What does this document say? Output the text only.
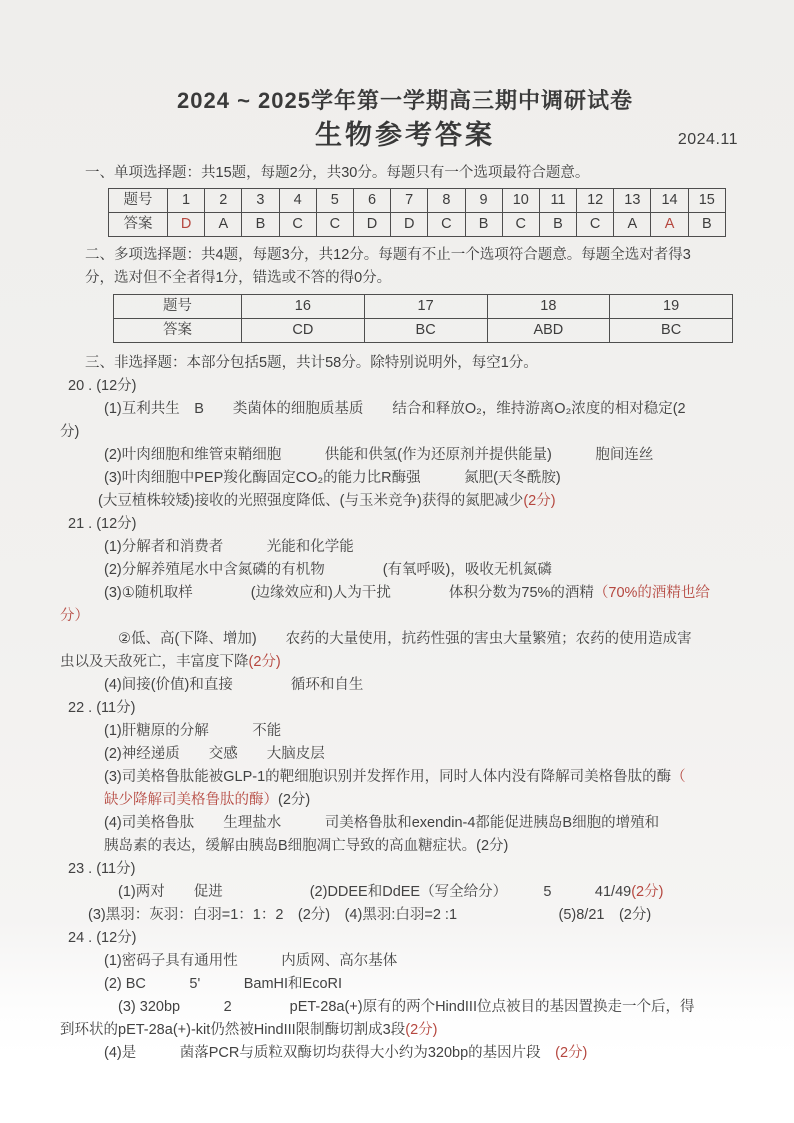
2024 ~ 2025学年第一学期高三期中调研试卷
生物参考答案	2024.11

一、单项选择题：共15题，每题2分，共30分。每题只有一个选项最符合题意。

题号	1	2	3	4	5	6	7	8	9	10	11	12	13	14	15
答案	D	A	B	C	C	D	D	C	B	C	B	C	A	A	B

二、多项选择题：共4题，每题3分，共12分。每题有不止一个选项符合题意。每题全选对者得3
分，选对但不全者得1分，错选或不答的得0分。

题号	16	17	18	19
答案	CD	BC	ABD	BC

三、非选择题：本部分包括5题，共计58分。除特别说明外，每空1分。

20 . (12分)

(1)互利共生　B　　类菌体的细胞质基质　　结合和释放O₂，维持游离O₂浓度的相对稳定(2
分)

(2)叶肉细胞和维管束鞘细胞　　　供能和供氢(作为还原剂并提供能量)　　　胞间连丝

(3)叶肉细胞中PEP羧化酶固定CO₂的能力比R酶强　　　氮肥(天冬酰胺)

(大豆植株较矮)接收的光照强度降低、(与玉米竞争)获得的氮肥减少(2分)

21 . (12分)

(1)分解者和消费者　　　光能和化学能

(2)分解养殖尾水中含氮磷的有机物　　　　(有氧呼吸)，吸收无机氮磷

(3)①随机取样　　　　(边缘效应和)人为干扰　　　　体积分数为75%的酒精（70%的酒精也给
分）

②低、高(下降、增加)　　农药的大量使用，抗药性强的害虫大量繁殖；农药的使用造成害
虫以及天敌死亡，丰富度下降(2分)

(4)间接(价值)和直接　　　　循环和自生

22 . (11分)

(1)肝糖原的分解　　　不能

(2)神经递质　　交感　　大脑皮层

(3)司美格鲁肽能被GLP-1的靶细胞识别并发挥作用，同时人体内没有降解司美格鲁肽的酶（
缺少降解司美格鲁肽的酶）(2分)

(4)司美格鲁肽　　生理盐水　　　司美格鲁肽和exendin-4都能促进胰岛B细胞的增殖和
胰岛素的表达，缓解由胰岛B细胞凋亡导致的高血糖症状。(2分)

23 . (11分)

(1)两对　　促进　　　　　　(2)DDEE和DdEE（写全给分）　　　5　　　41/49(2分)

(3)黑羽：灰羽：白羽=1：1：2　(2分)　(4)黑羽:白羽=2 :1　　　　　　　(5)8/21　(2分)

24 . (12分)

(1)密码子具有通用性　　　内质网、高尔基体

(2) BC　　　5'　　　BamHI和EcoRI

(3) 320bp　　　2　　　　pET-28a(+)原有的两个HindIII位点被目的基因置换走一个后，得
到环状的pET-28a(+)-kit仍然被HindIII限制酶切割成3段(2分)

(4)是　　　菌落PCR与质粒双酶切均获得大小约为320bp的基因片段　(2分)
